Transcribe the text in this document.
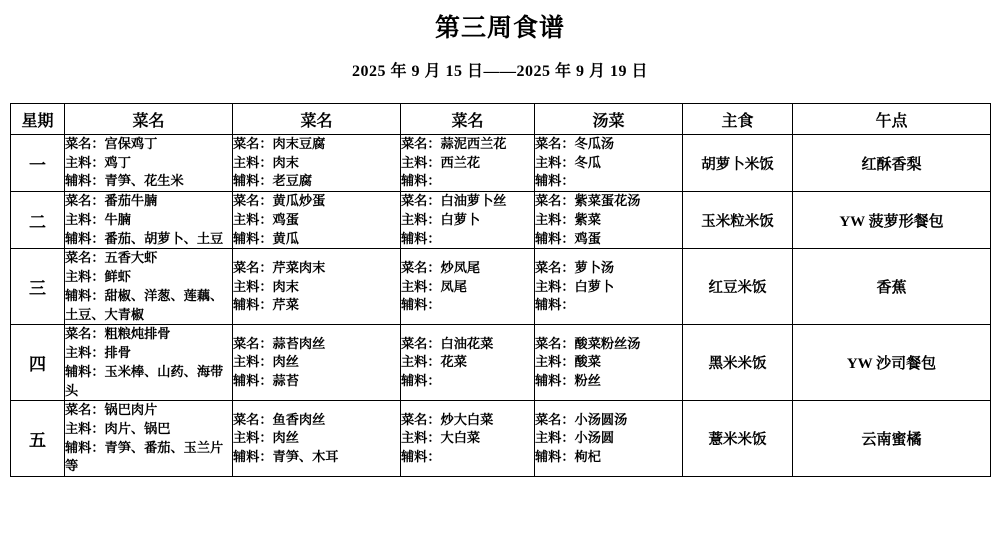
第三周食谱
2025 年 9 月 15 日——2025 年 9 月 19 日
星期	菜名	菜名	菜名	汤菜	主食	午点
一	
菜名：宫保鸡丁
主料：鸡丁
辅料：青笋、花生米

菜名：肉末豆腐
主料：肉末
辅料：老豆腐

菜名：蒜泥西兰花
主料：西兰花
辅料：

菜名：冬瓜汤
主料：冬瓜
辅料：
	胡萝卜米饭	红酥香梨
二	
菜名：番茄牛腩
主料：牛腩
辅料：番茄、胡萝卜、土豆

菜名：黄瓜炒蛋
主料：鸡蛋
辅料：黄瓜

菜名：白油萝卜丝
主料：白萝卜
辅料：

菜名：紫菜蛋花汤
主料：紫菜
辅料：鸡蛋
	玉米粒米饭	YW 菠萝形餐包
三	
菜名：五香大虾
主料：鲜虾
辅料：甜椒、洋葱、莲藕、土豆、大青椒

菜名：芹菜肉末
主料：肉末
辅料：芹菜

菜名：炒凤尾
主料：凤尾
辅料：

菜名：萝卜汤
主料：白萝卜
辅料：
	红豆米饭	香蕉
四	
菜名：粗粮炖排骨
主料：排骨
辅料：玉米棒、山药、海带头

菜名：蒜苔肉丝
主料：肉丝
辅料：蒜苔

菜名：白油花菜
主料：花菜
辅料：

菜名：酸菜粉丝汤
主料：酸菜
辅料：粉丝
	黑米米饭	YW 沙司餐包
五	
菜名：锅巴肉片
主料：肉片、锅巴
辅料：青笋、番茄、玉兰片等

菜名：鱼香肉丝
主料：肉丝
辅料：青笋、木耳

菜名：炒大白菜
主料：大白菜
辅料：

菜名：小汤圆汤
主料：小汤圆
辅料：枸杞
	薏米米饭	云南蜜橘
